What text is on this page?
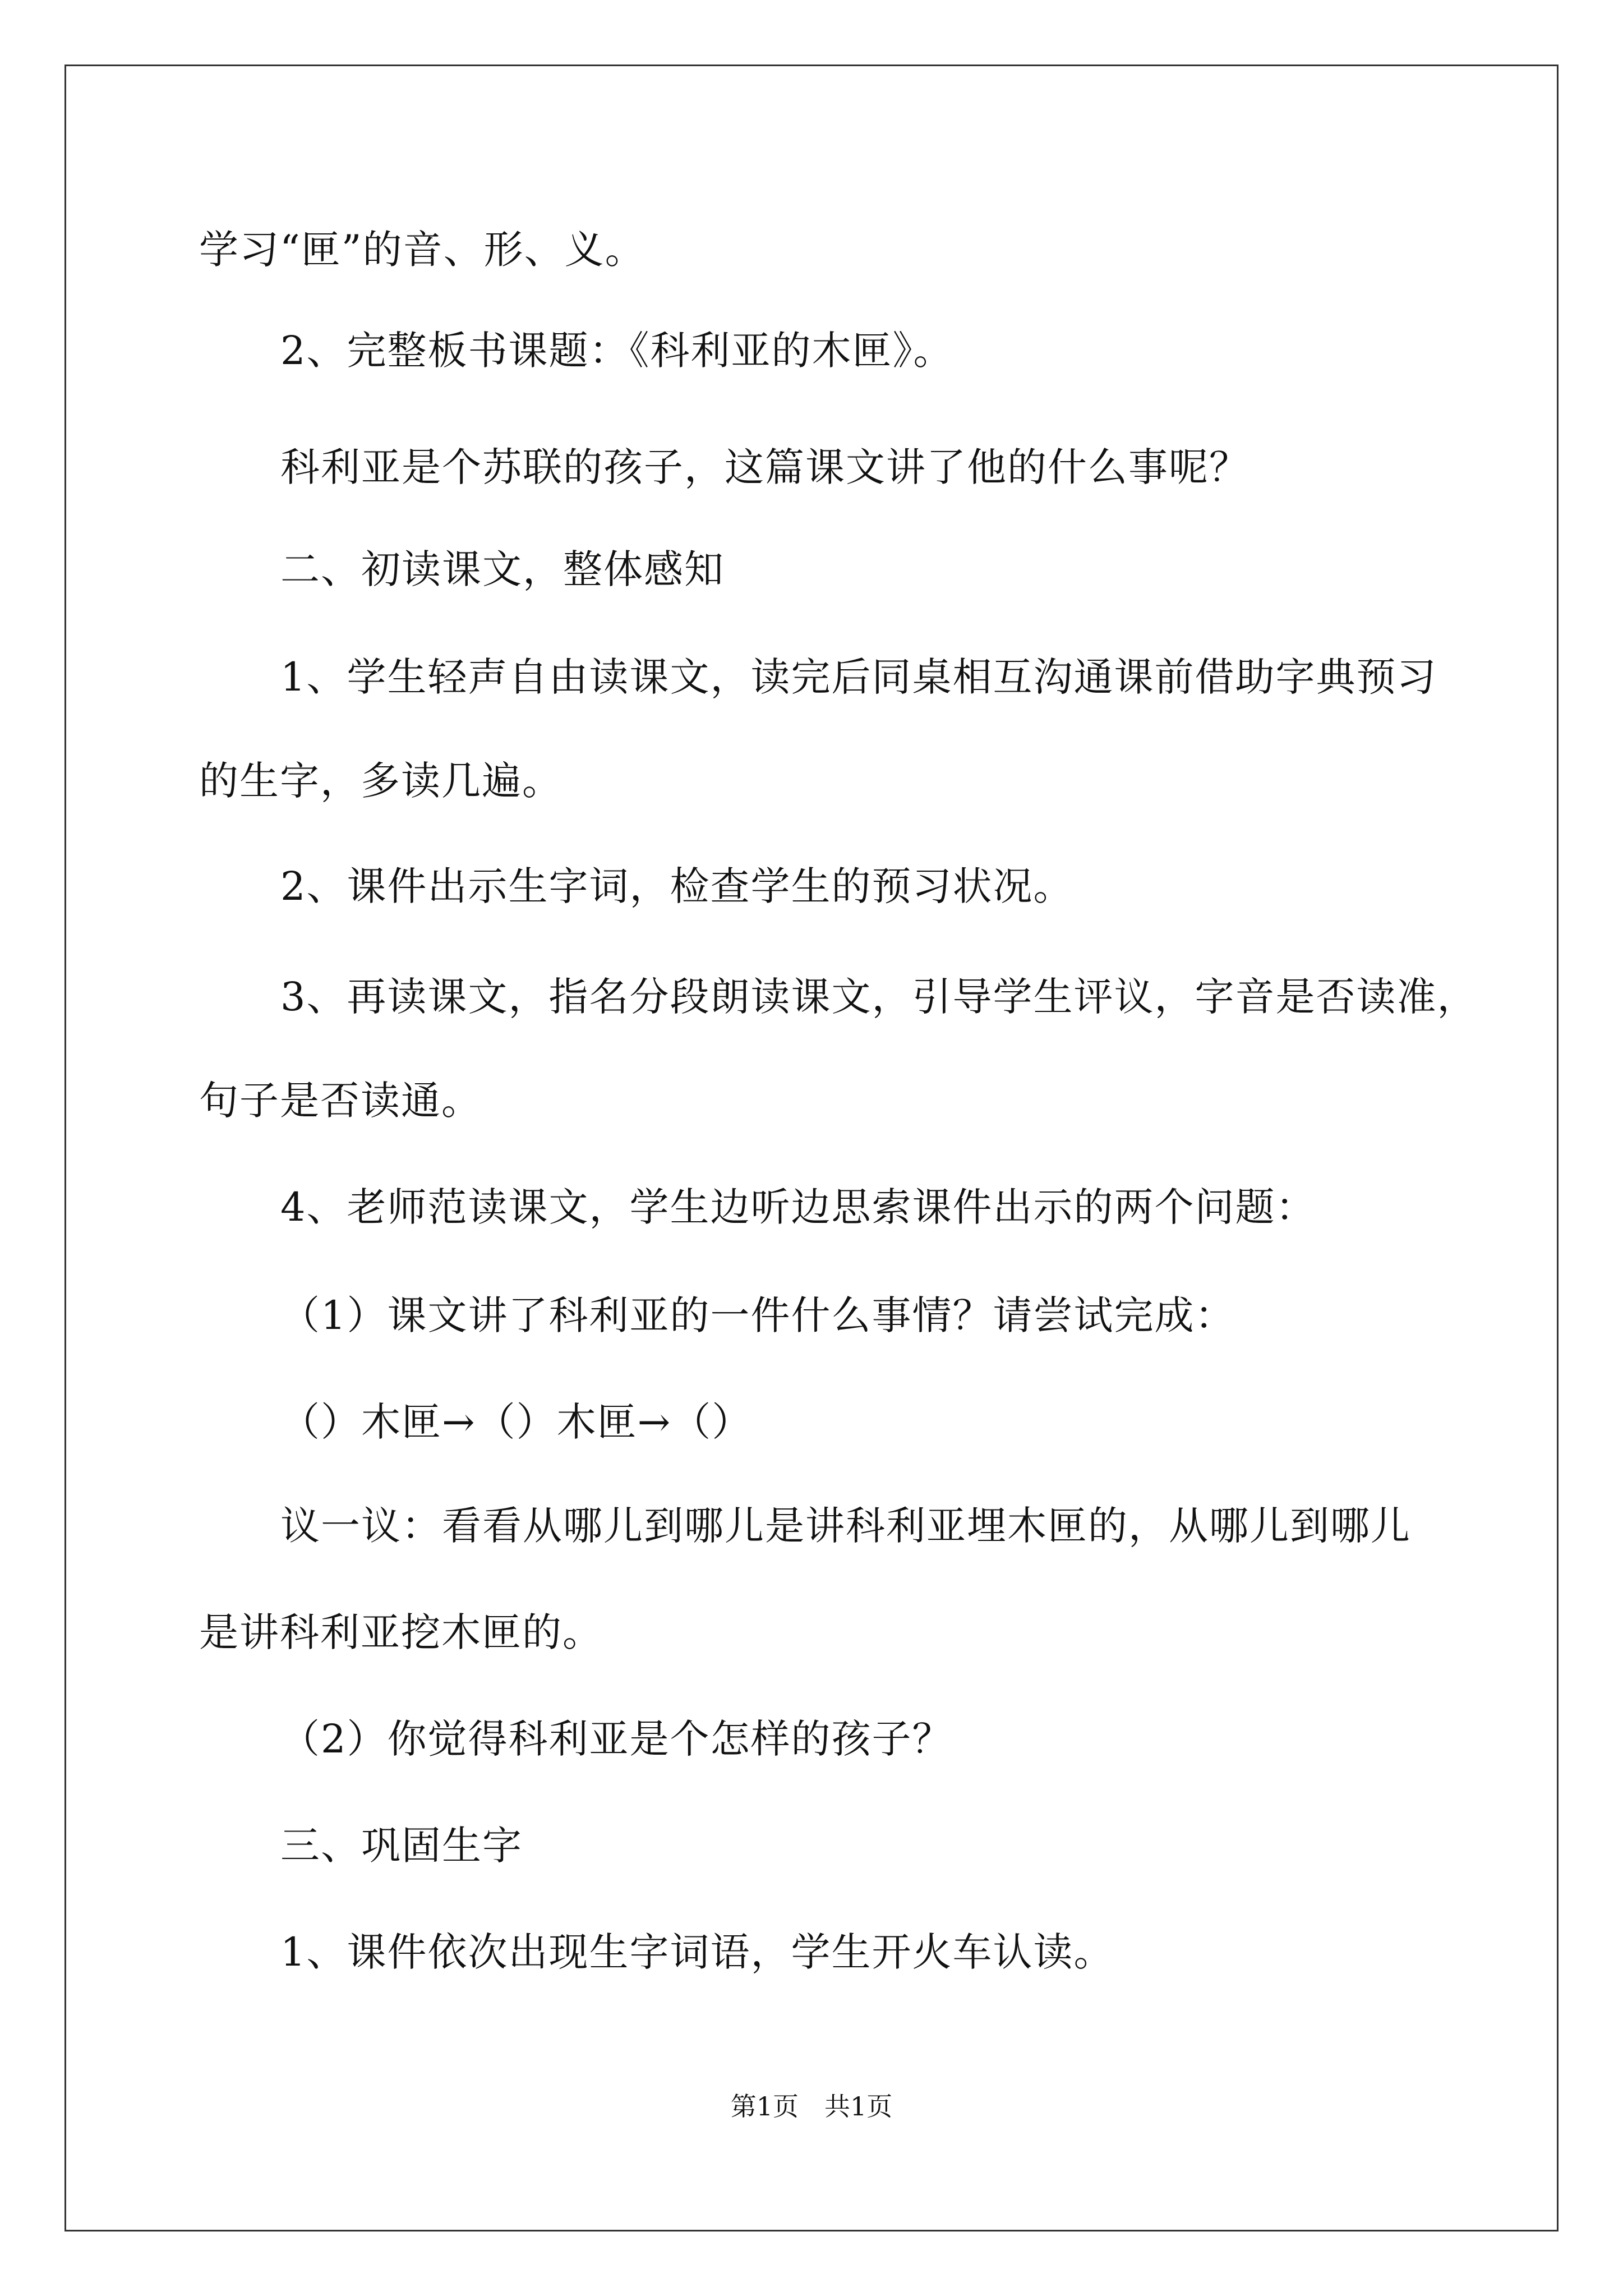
学习“匣”的音、形、义。
2、完整板书课题：《科利亚的木匣》。
科利亚是个苏联的孩子，这篇课文讲了他的什么事呢？
二、初读课文，整体感知
1、学生轻声自由读课文，读完后同桌相互沟通课前借助字典预习
的生字，多读几遍。
2、课件出示生字词，检查学生的预习状况。
3、再读课文，指名分段朗读课文，引导学生评议，字音是否读准，
句子是否读通。
4、老师范读课文，学生边听边思索课件出示的两个问题：
（1）课文讲了科利亚的一件什么事情？请尝试完成：
（）木匣→（）木匣→（）
议一议：看看从哪儿到哪儿是讲科利亚埋木匣的，从哪儿到哪儿
是讲科利亚挖木匣的。
（2）你觉得科利亚是个怎样的孩子？
三、巩固生字
1、课件依次出现生字词语，学生开火车认读。
第1页　共1页
